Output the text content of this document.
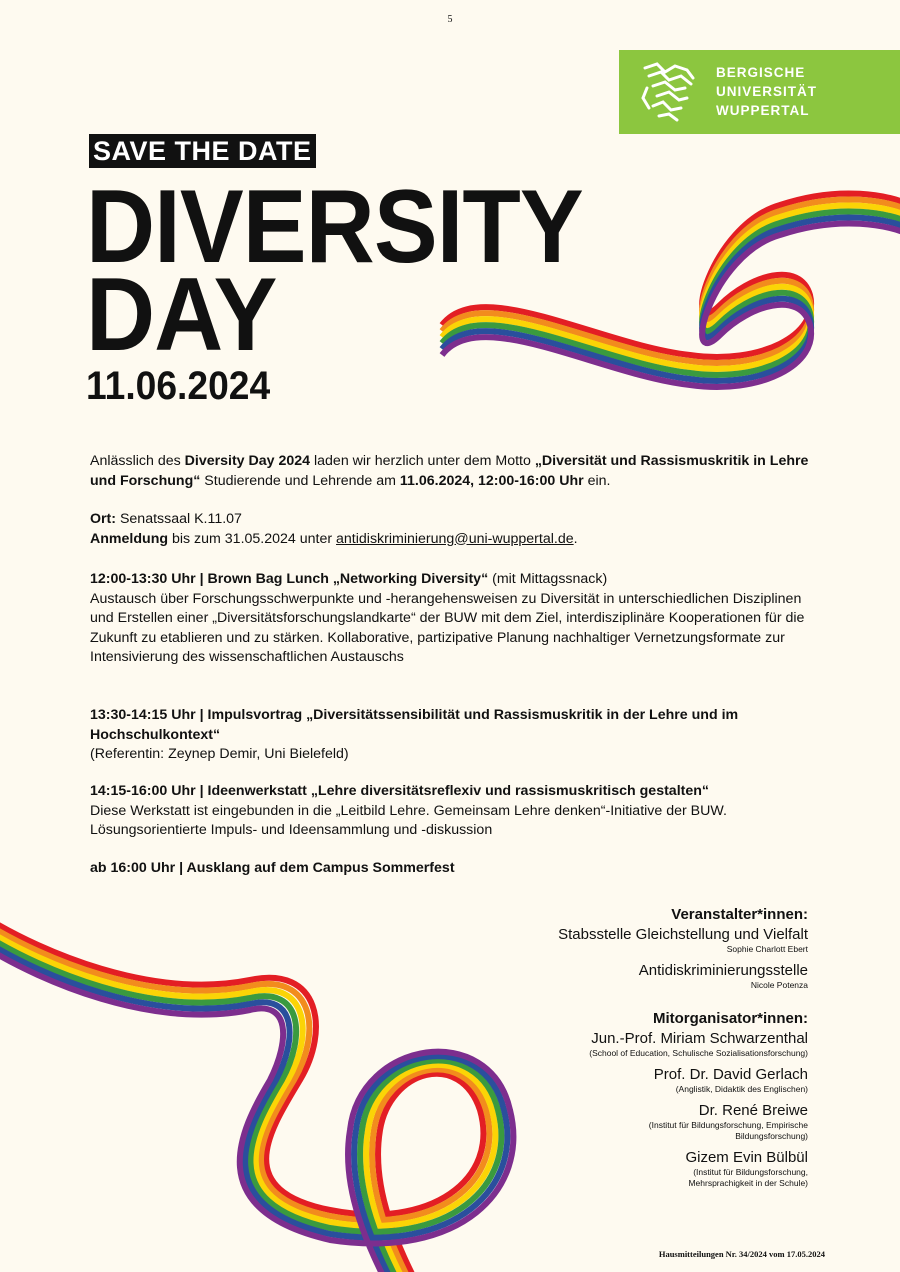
5
BERGISCHE
UNIVERSITÄT
WUPPERTAL
SAVE THE DATE
DIVERSITY
DAY
11.06.2024
Anlässlich des Diversity Day 2024 laden wir herzlich unter dem Motto „Diversität und Rassismuskritik in Lehre und Forschung“ Studierende und Lehrende am 11.06.2024, 12:00-16:00 Uhr ein.

Ort: Senatssaal K.11.07

Anmeldung bis zum 31.05.2024 unter antidiskriminierung@uni-wuppertal.de.

12:00-13:30 Uhr | Brown Bag Lunch „Networking Diversity“ (mit Mittagssnack)

Austausch über Forschungsschwerpunkte und -herangehensweisen zu Diversität in unterschiedlichen Disziplinen und Erstellen einer „Diversitätsforschungslandkarte“ der BUW mit dem Ziel, interdisziplinäre Kooperationen für die Zukunft zu etablieren und zu stärken. Kollaborative, partizipative Planung nachhaltiger Vernetzungsformate zur Intensivierung des wissenschaftlichen Austauschs

13:30-14:15 Uhr | Impulsvortrag „Diversitätssensibilität und Rassismuskritik in der Lehre und im Hochschulkontext“

(Referentin: Zeynep Demir, Uni Bielefeld)

14:15-16:00 Uhr | Ideenwerkstatt „Lehre diversitätsreflexiv und rassismuskritisch gestalten“

Diese Werkstatt ist eingebunden in die „Leitbild Lehre. Gemeinsam Lehre denken“-Initiative der BUW. Lösungsorientierte Impuls- und Ideensammlung und -diskussion

ab 16:00 Uhr | Ausklang auf dem Campus Sommerfest

Veranstalter*innen:
Stabsstelle Gleichstellung und Vielfalt
Sophie Charlott Ebert
Antidiskriminierungsstelle
Nicole Potenza
Mitorganisator*innen:
Jun.-Prof. Miriam Schwarzenthal
(School of Education, Schulische Sozialisationsforschung)
Prof. Dr. David Gerlach
(Anglistik, Didaktik des Englischen)
Dr. René Breiwe
(Institut für Bildungsforschung, Empirische Bildungsforschung)
Gizem Evin Bülbül
(Institut für Bildungsforschung, Mehrsprachigkeit in der Schule)
Hausmitteilungen Nr. 34/2024 vom 17.05.2024
